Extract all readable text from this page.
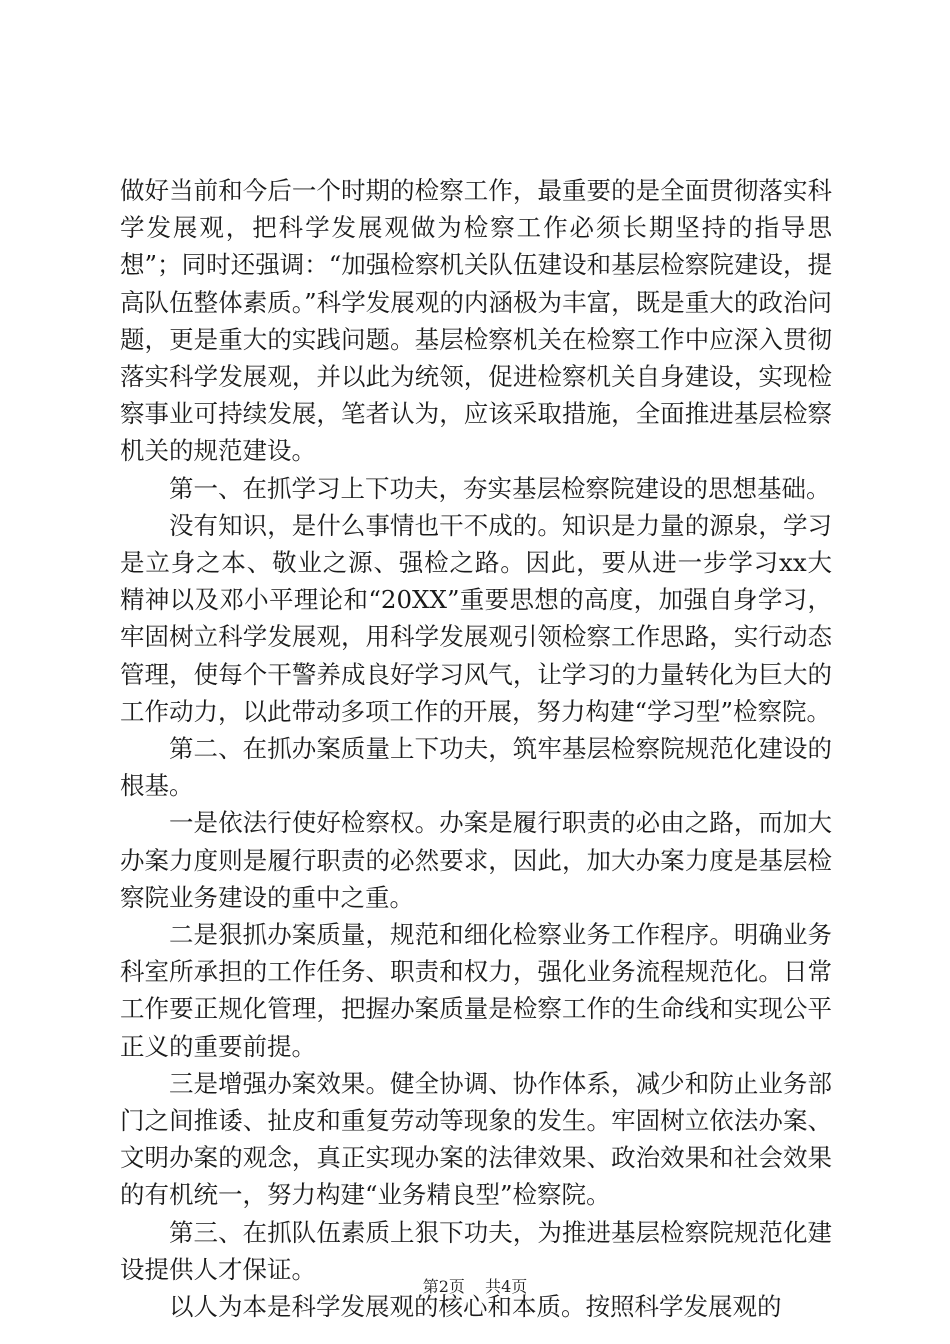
做好当前和今后一个时期的检察工作，最重要的是全面贯彻落实科学发展观，把科学发展观做为检察工作必须长期坚持的指导思想”；同时还强调：“加强检察机关队伍建设和基层检察院建设，提高队伍整体素质。”科学发展观的内涵极为丰富，既是重大的政治问题，更是重大的实践问题。基层检察机关在检察工作中应深入贯彻落实科学发展观，并以此为统领，促进检察机关自身建设，实现检察事业可持续发展，笔者认为，应该采取措施，全面推进基层检察机关的规范建设。

第一、在抓学习上下功夫，夯实基层检察院建设的思想基础。

没有知识，是什么事情也干不成的。知识是力量的源泉，学习是立身之本、敬业之源、强检之路。因此，要从进一步学习xx大精神以及邓小平理论和“20XX”重要思想的高度，加强自身学习，牢固树立科学发展观，用科学发展观引领检察工作思路，实行动态管理，使每个干警养成良好学习风气，让学习的力量转化为巨大的工作动力，以此带动多项工作的开展，努力构建“学习型”检察院。

第二、在抓办案质量上下功夫，筑牢基层检察院规范化建设的根基。

一是依法行使好检察权。办案是履行职责的必由之路，而加大办案力度则是履行职责的必然要求，因此，加大办案力度是基层检察院业务建设的重中之重。

二是狠抓办案质量，规范和细化检察业务工作程序。明确业务科室所承担的工作任务、职责和权力，强化业务流程规范化。日常工作要正规化管理，把握办案质量是检察工作的生命线和实现公平正义的重要前提。

三是增强办案效果。健全协调、协作体系，减少和防止业务部门之间推诿、扯皮和重复劳动等现象的发生。牢固树立依法办案、文明办案的观念，真正实现办案的法律效果、政治效果和社会效果的有机统一，努力构建“业务精良型”检察院。

第三、在抓队伍素质上狠下功夫，为推进基层检察院规范化建设提供人才保证。

以人为本是科学发展观的核心和本质。按照科学发展观的

第2页 共4页
